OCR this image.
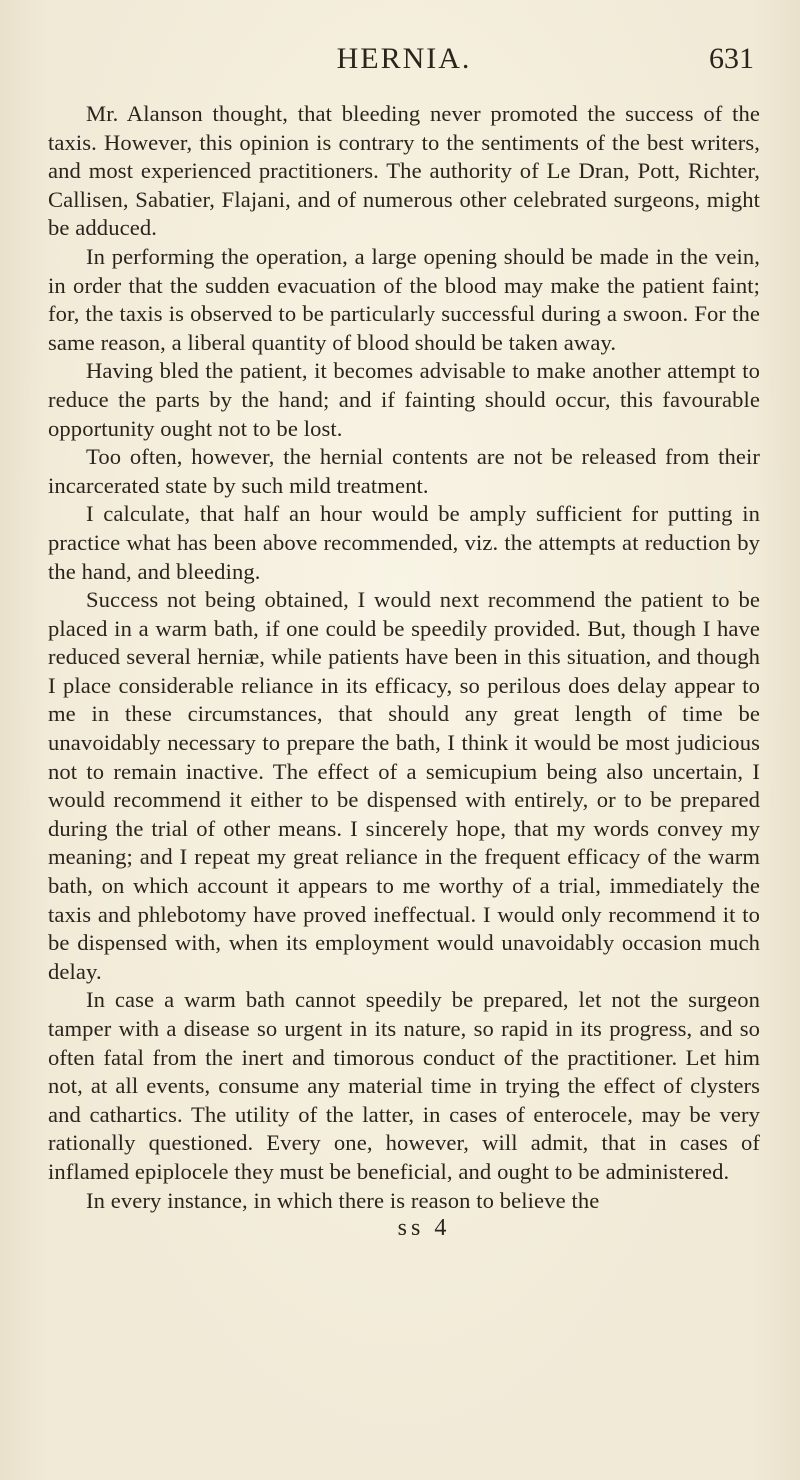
HERNIA.	631

Mr. Alanson thought, that bleeding never promoted the success of the taxis. However, this opinion is contrary to the sentiments of the best writers, and most experienced practitioners. The authority of Le Dran, Pott, Richter, Callisen, Sabatier, Flajani, and of numerous other celebrated surgeons, might be adduced.

In performing the operation, a large opening should be made in the vein, in order that the sudden evacuation of the blood may make the patient faint; for, the taxis is observed to be particularly successful during a swoon. For the same reason, a liberal quantity of blood should be taken away.

Having bled the patient, it becomes advisable to make another attempt to reduce the parts by the hand; and if fainting should occur, this favourable opportunity ought not to be lost.

Too often, however, the hernial contents are not be released from their incarcerated state by such mild treatment.

I calculate, that half an hour would be amply sufficient for putting in practice what has been above recommended, viz. the attempts at reduction by the hand, and bleeding.

Success not being obtained, I would next recommend the patient to be placed in a warm bath, if one could be speedily provided. But, though I have reduced several herniæ, while patients have been in this situation, and though I place considerable reliance in its efficacy, so perilous does delay appear to me in these circumstances, that should any great length of time be unavoidably necessary to prepare the bath, I think it would be most judicious not to remain inactive. The effect of a semicupium being also uncertain, I would recommend it either to be dispensed with entirely, or to be prepared during the trial of other means. I sincerely hope, that my words convey my meaning; and I repeat my great reliance in the frequent efficacy of the warm bath, on which account it appears to me worthy of a trial, immediately the taxis and phlebotomy have proved ineffectual. I would only recommend it to be dispensed with, when its employment would unavoidably occasion much delay.

In case a warm bath cannot speedily be prepared, let not the surgeon tamper with a disease so urgent in its nature, so rapid in its progress, and so often fatal from the inert and timorous conduct of the practitioner. Let him not, at all events, consume any material time in trying the effect of clysters and cathartics. The utility of the latter, in cases of enterocele, may be very rationally questioned. Every one, however, will admit, that in cases of inflamed epiplocele they must be beneficial, and ought to be administered.

In every instance, in which there is reason to believe the

ss 4
